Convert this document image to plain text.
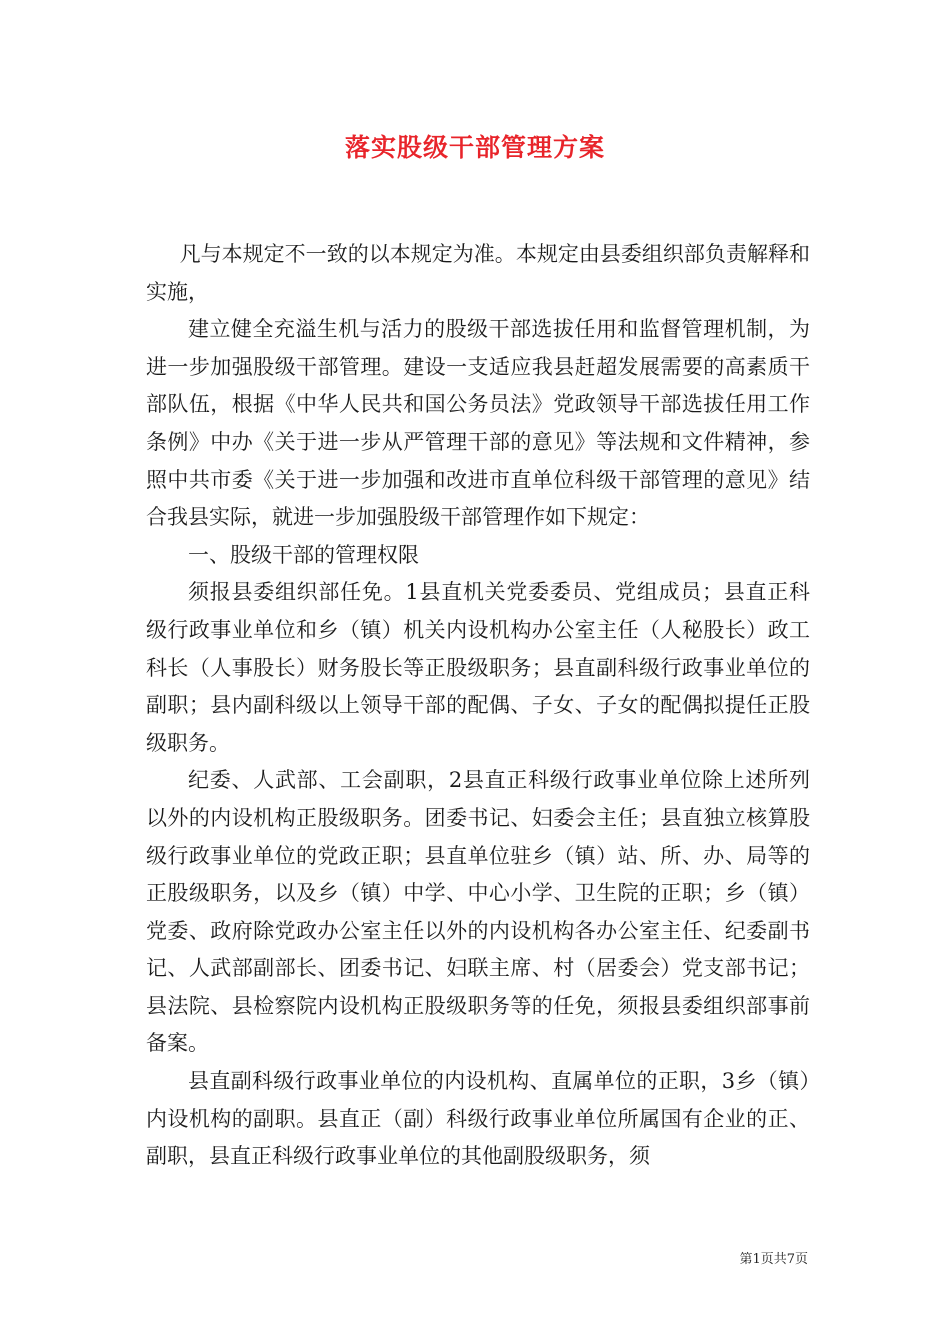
落实股级干部管理方案

凡与本规定不一致的以本规定为准。本规定由县委组织部负责解释和实施，

建立健全充溢生机与活力的股级干部选拔任用和监督管理机制，为进一步加强股级干部管理。建设一支适应我县赶超发展需要的高素质干部队伍，根据《中华人民共和国公务员法》党政领导干部选拔任用工作条例》中办《关于进一步从严管理干部的意见》等法规和文件精神，参照中共市委《关于进一步加强和改进市直单位科级干部管理的意见》结合我县实际，就进一步加强股级干部管理作如下规定：

一、股级干部的管理权限

须报县委组织部任免。1县直机关党委委员、党组成员；县直正科级行政事业单位和乡（镇）机关内设机构办公室主任（人秘股长）政工科长（人事股长）财务股长等正股级职务；县直副科级行政事业单位的副职；县内副科级以上领导干部的配偶、子女、子女的配偶拟提任正股级职务。

纪委、人武部、工会副职，2县直正科级行政事业单位除上述所列以外的内设机构正股级职务。团委书记、妇委会主任；县直独立核算股级行政事业单位的党政正职；县直单位驻乡（镇）站、所、办、局等的正股级职务，以及乡（镇）中学、中心小学、卫生院的正职；乡（镇）党委、政府除党政办公室主任以外的内设机构各办公室主任、纪委副书记、人武部副部长、团委书记、妇联主席、村（居委会）党支部书记；县法院、县检察院内设机构正股级职务等的任免，须报县委组织部事前备案。

县直副科级行政事业单位的内设机构、直属单位的正职，3乡（镇）内设机构的副职。县直正（副）科级行政事业单位所属国有企业的正、副职，县直正科级行政事业单位的其他副股级职务，须

第1页共7页
